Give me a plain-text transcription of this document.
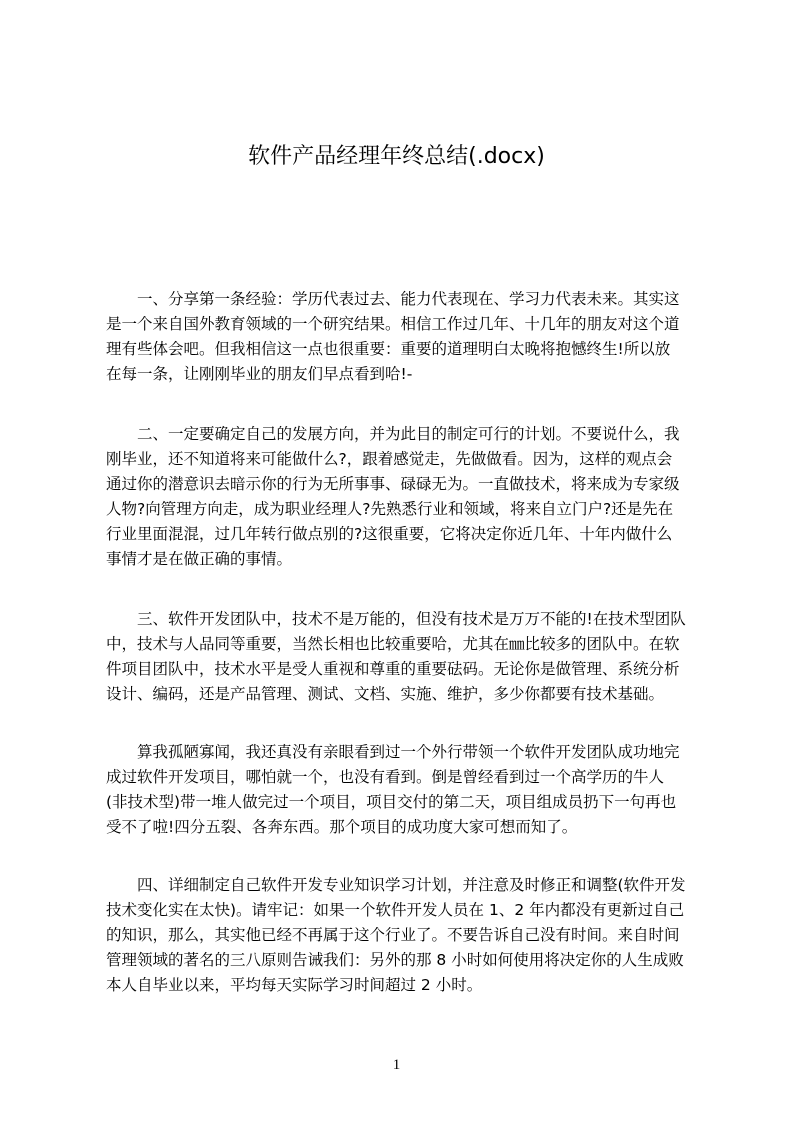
软件产品经理年终总结(.docx)
　　一、分享第一条经验：学历代表过去、能力代表现在、学习力代表未来。其实这
是一个来自国外教育领域的一个研究结果。相信工作过几年、十几年的朋友对这个道
理有些体会吧。但我相信这一点也很重要：重要的道理明白太晚将抱憾终生!所以放
在每一条，让刚刚毕业的朋友们早点看到哈!-
　　二、一定要确定自己的发展方向，并为此目的制定可行的计划。不要说什么，我
刚毕业，还不知道将来可能做什么?，跟着感觉走，先做做看。因为，这样的观点会
通过你的潜意识去暗示你的行为无所事事、碌碌无为。一直做技术，将来成为专家级
人物?向管理方向走，成为职业经理人?先熟悉行业和领域，将来自立门户?还是先在
行业里面混混，过几年转行做点别的?这很重要，它将决定你近几年、十年内做什么
事情才是在做正确的事情。
　　三、软件开发团队中，技术不是万能的，但没有技术是万万不能的!在技术型团队
中，技术与人品同等重要，当然长相也比较重要哈，尤其在㎜比较多的团队中。在软
件项目团队中，技术水平是受人重视和尊重的重要砝码。无论你是做管理、系统分析
设计、编码，还是产品管理、测试、文档、实施、维护，多少你都要有技术基础。
　　算我孤陋寡闻，我还真没有亲眼看到过一个外行带领一个软件开发团队成功地完
成过软件开发项目，哪怕就一个，也没有看到。倒是曾经看到过一个高学历的牛人
(非技术型)带一堆人做完过一个项目，项目交付的第二天，项目组成员扔下一句再也
受不了啦!四分五裂、各奔东西。那个项目的成功度大家可想而知了。
　　四、详细制定自己软件开发专业知识学习计划，并注意及时修正和调整(软件开发
技术变化实在太快)。请牢记：如果一个软件开发人员在 1、2 年内都没有更新过自己
的知识，那么，其实他已经不再属于这个行业了。不要告诉自己没有时间。来自时间
管理领域的著名的三八原则告诫我们：另外的那 8 小时如何使用将决定你的人生成败
本人自毕业以来，平均每天实际学习时间超过 2 小时。
1
